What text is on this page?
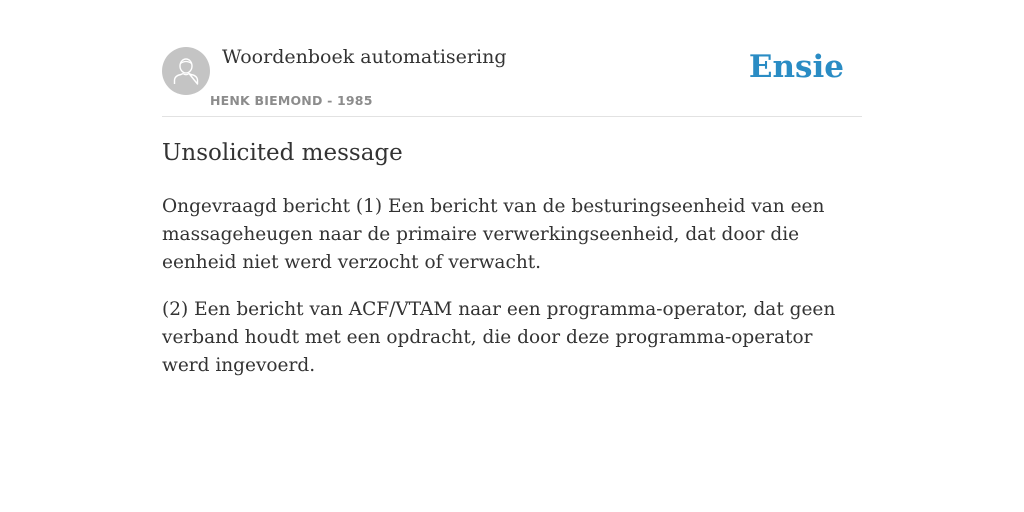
Woordenboek automatisering
HENK BIEMOND - 1985
Ensie
Unsolicited message

Ongevraagd bericht (1) Een bericht van de besturingseenheid van een massageheugen naar de primaire verwerkingseenheid, dat door die eenheid niet werd verzocht of verwacht.

(2) Een bericht van ACF/VTAM naar een programma-operator, dat geen verband houdt met een opdracht, die door deze programma-operator werd ingevoerd.
